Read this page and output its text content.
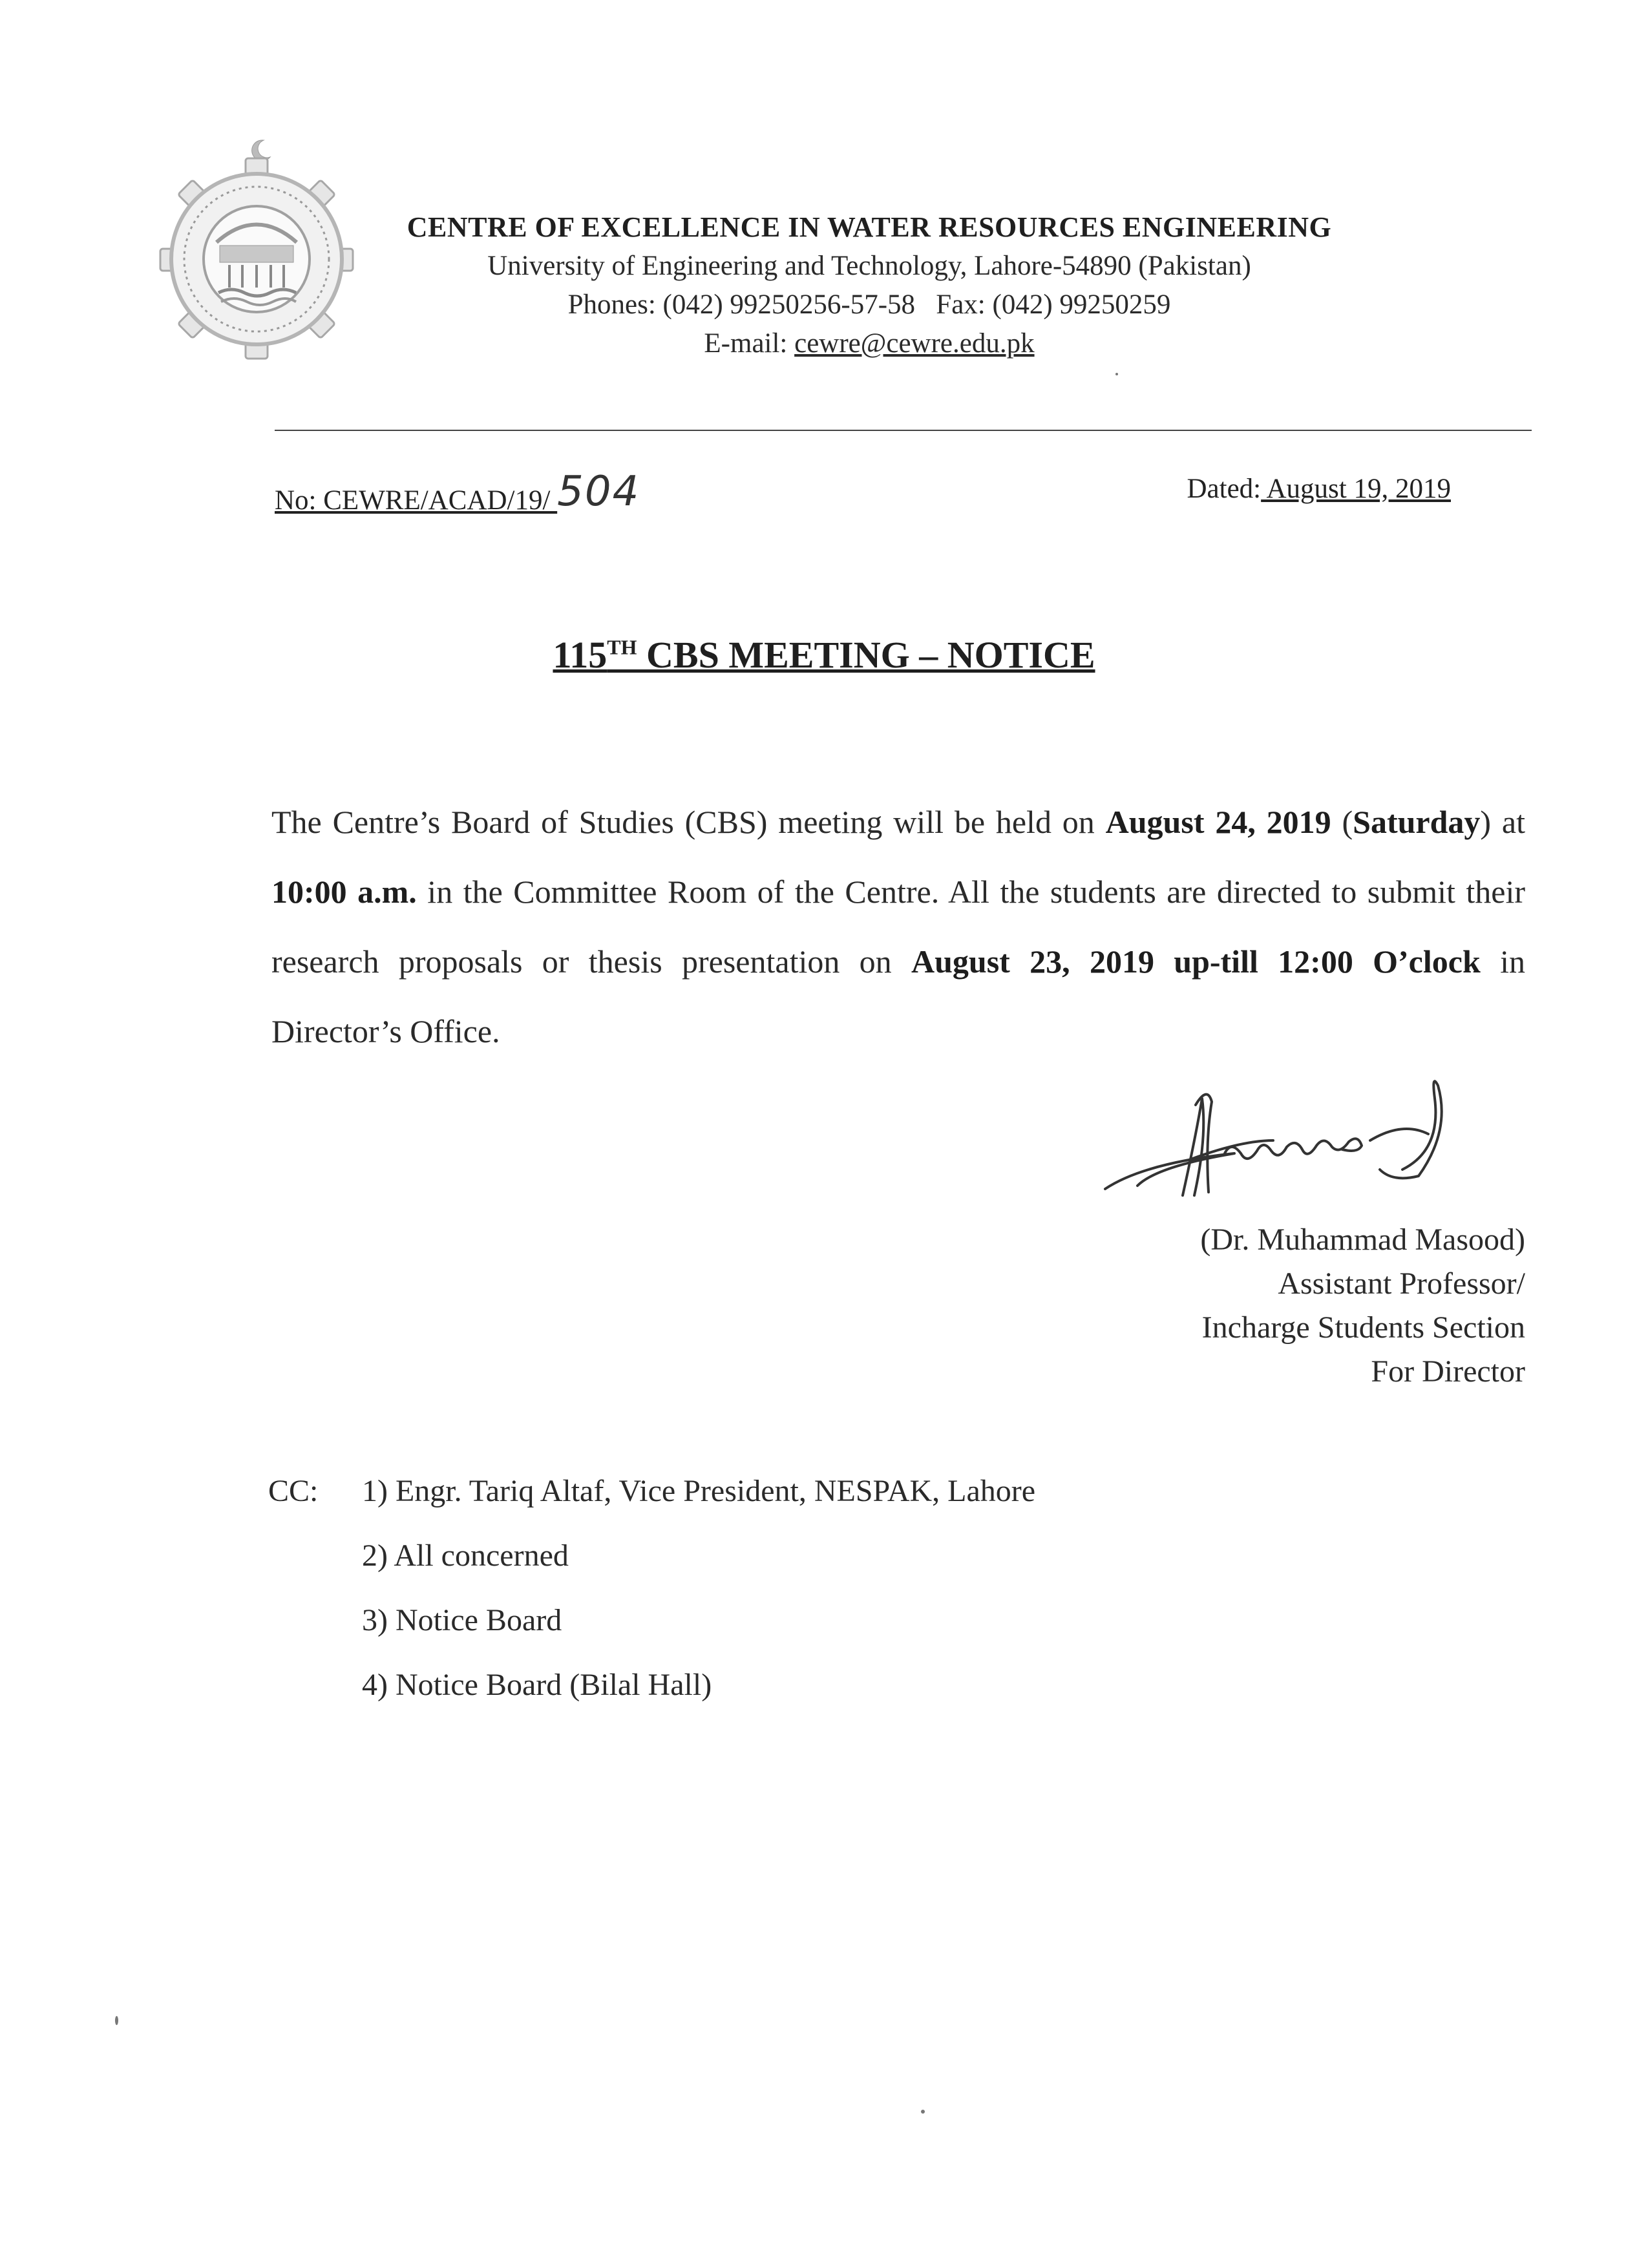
CENTRE OF EXCELLENCE IN WATER RESOURCES ENGINEERING
University of Engineering and Technology, Lahore-54890 (Pakistan)
Phones: (042) 99250256-57-58   Fax: (042) 99250259
E-mail: cewre@cewre.edu.pk
No: CEWRE/ACAD/19/ 504	Dated: August 19, 2019
115TH CBS MEETING – NOTICE
The Centre’s Board of Studies (CBS) meeting will be held on August 24, 2019 (Saturday) at 10:00 a.m. in the Committee Room of the Centre. All the students are directed to submit their research proposals or thesis presentation on August 23, 2019 up-till 12:00 O’clock in Director’s Office.
(Dr. Muhammad Masood)
Assistant Professor/
Incharge Students Section
For Director
CC: 1) Engr. Tariq Altaf, Vice President, NESPAK, Lahore
2) All concerned
3) Notice Board
4) Notice Board (Bilal Hall)
